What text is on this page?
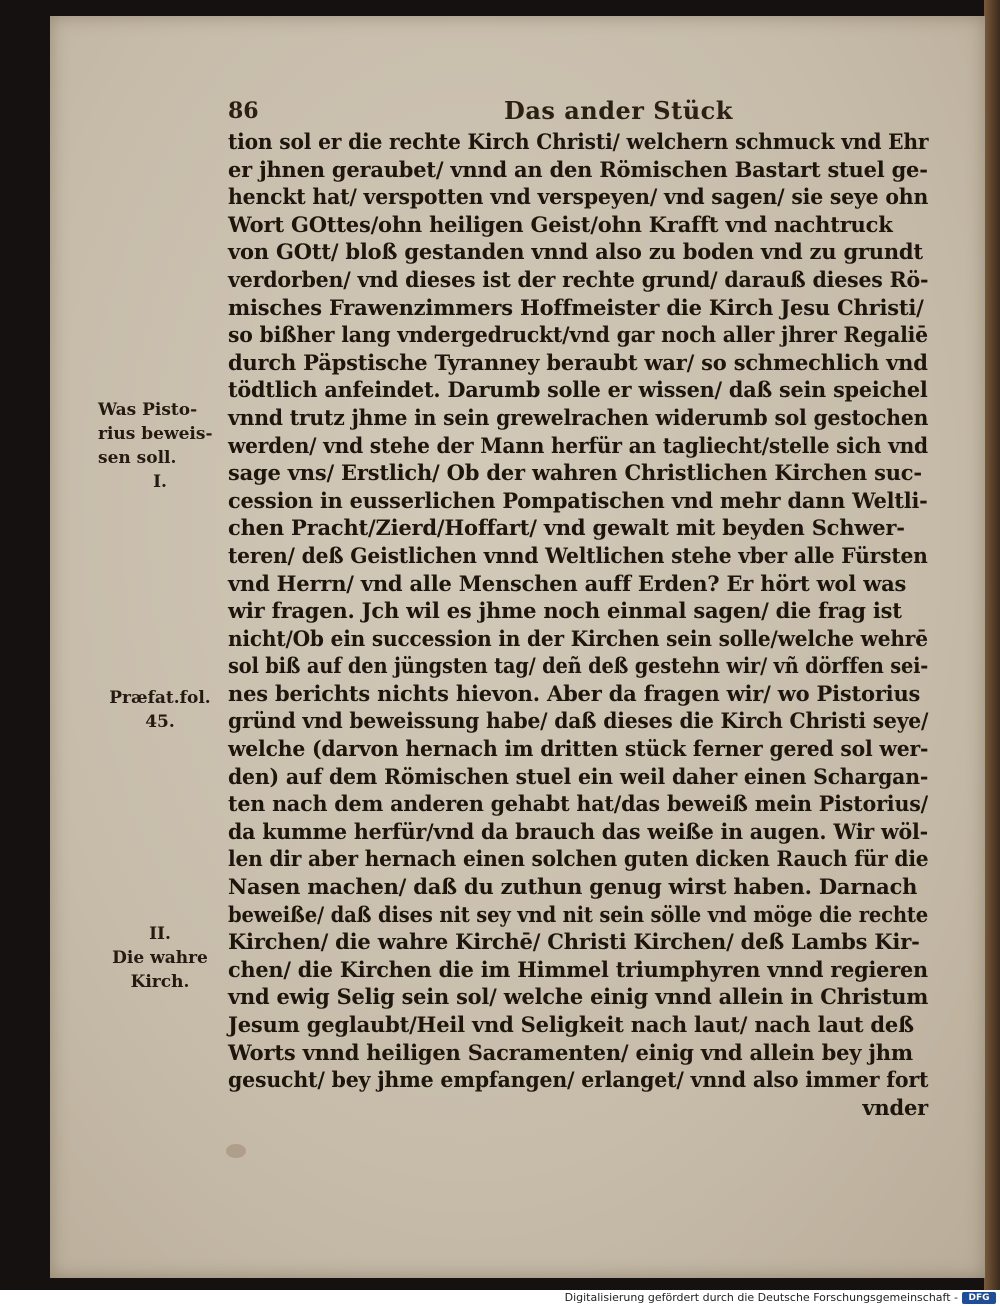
86	Das ander Stück
Was Pisto-
rius beweis-
sen soll.
I.
Præfat.fol.
45.
II.
Die wahre
Kirch.
tion sol er die rechte Kirch Christi/ welchern schmuck vnd Ehr
er jhnen geraubet/ vnnd an den Römischen Bastart stuel ge-
henckt hat/ verspotten vnd verspeyen/ vnd sagen/ sie seye ohn
Wort GOttes/ohn heiligen Geist/ohn Krafft vnd nachtruck
von GOtt/ bloß gestanden vnnd also zu boden vnd zu grundt
verdorben/ vnd dieses ist der rechte grund/ darauß dieses Rö-
misches Frawenzimmers Hoffmeister die Kirch Jesu Christi/
so bißher lang vndergedruckt/vnd gar noch aller jhrer Regaliē
durch Päpstische Tyranney beraubt war/ so schmechlich vnd
tödtlich anfeindet. Darumb solle er wissen/ daß sein speichel
vnnd trutz jhme in sein grewelrachen widerumb sol gestochen
werden/ vnd stehe der Mann herfür an tagliecht/stelle sich vnd
sage vns/ Erstlich/ Ob der wahren Christlichen Kirchen suc-
cession in eusserlichen Pompatischen vnd mehr dann Weltli-
chen Pracht/Zierd/Hoffart/ vnd gewalt mit beyden Schwer-
teren/ deß Geistlichen vnnd Weltlichen stehe vber alle Fürsten
vnd Herrn/ vnd alle Menschen auff Erden? Er hört wol was
wir fragen. Jch wil es jhme noch einmal sagen/ die frag ist
nicht/Ob ein succession in der Kirchen sein solle/welche wehrē
sol biß auf den jüngsten tag/ deñ deß gestehn wir/ vñ dörffen sei-
nes berichts nichts hievon. Aber da fragen wir/ wo Pistorius
gründ vnd beweissung habe/ daß dieses die Kirch Christi seye/
welche (darvon hernach im dritten stück ferner gered sol wer-
den) auf dem Römischen stuel ein weil daher einen Schargan-
ten nach dem anderen gehabt hat/das beweiß mein Pistorius/
da kumme herfür/vnd da brauch das weiße in augen. Wir wöl-
len dir aber hernach einen solchen guten dicken Rauch für die
Nasen machen/ daß du zuthun genug wirst haben. Darnach
beweiße/ daß dises nit sey vnd nit sein sölle vnd möge die rechte
Kirchen/ die wahre Kirchē/ Christi Kirchen/ deß Lambs Kir-
chen/ die Kirchen die im Himmel triumphyren vnnd regieren
vnd ewig Selig sein sol/ welche einig vnnd allein in Christum
Jesum geglaubt/Heil vnd Seligkeit nach laut/ nach laut deß
Worts vnnd heiligen Sacramenten/ einig vnd allein bey jhm
gesucht/ bey jhme empfangen/ erlanget/ vnnd also immer fort
vnder
Digitalisierung gefördert durch die Deutsche Forschungsgemeinschaft -	DFG
